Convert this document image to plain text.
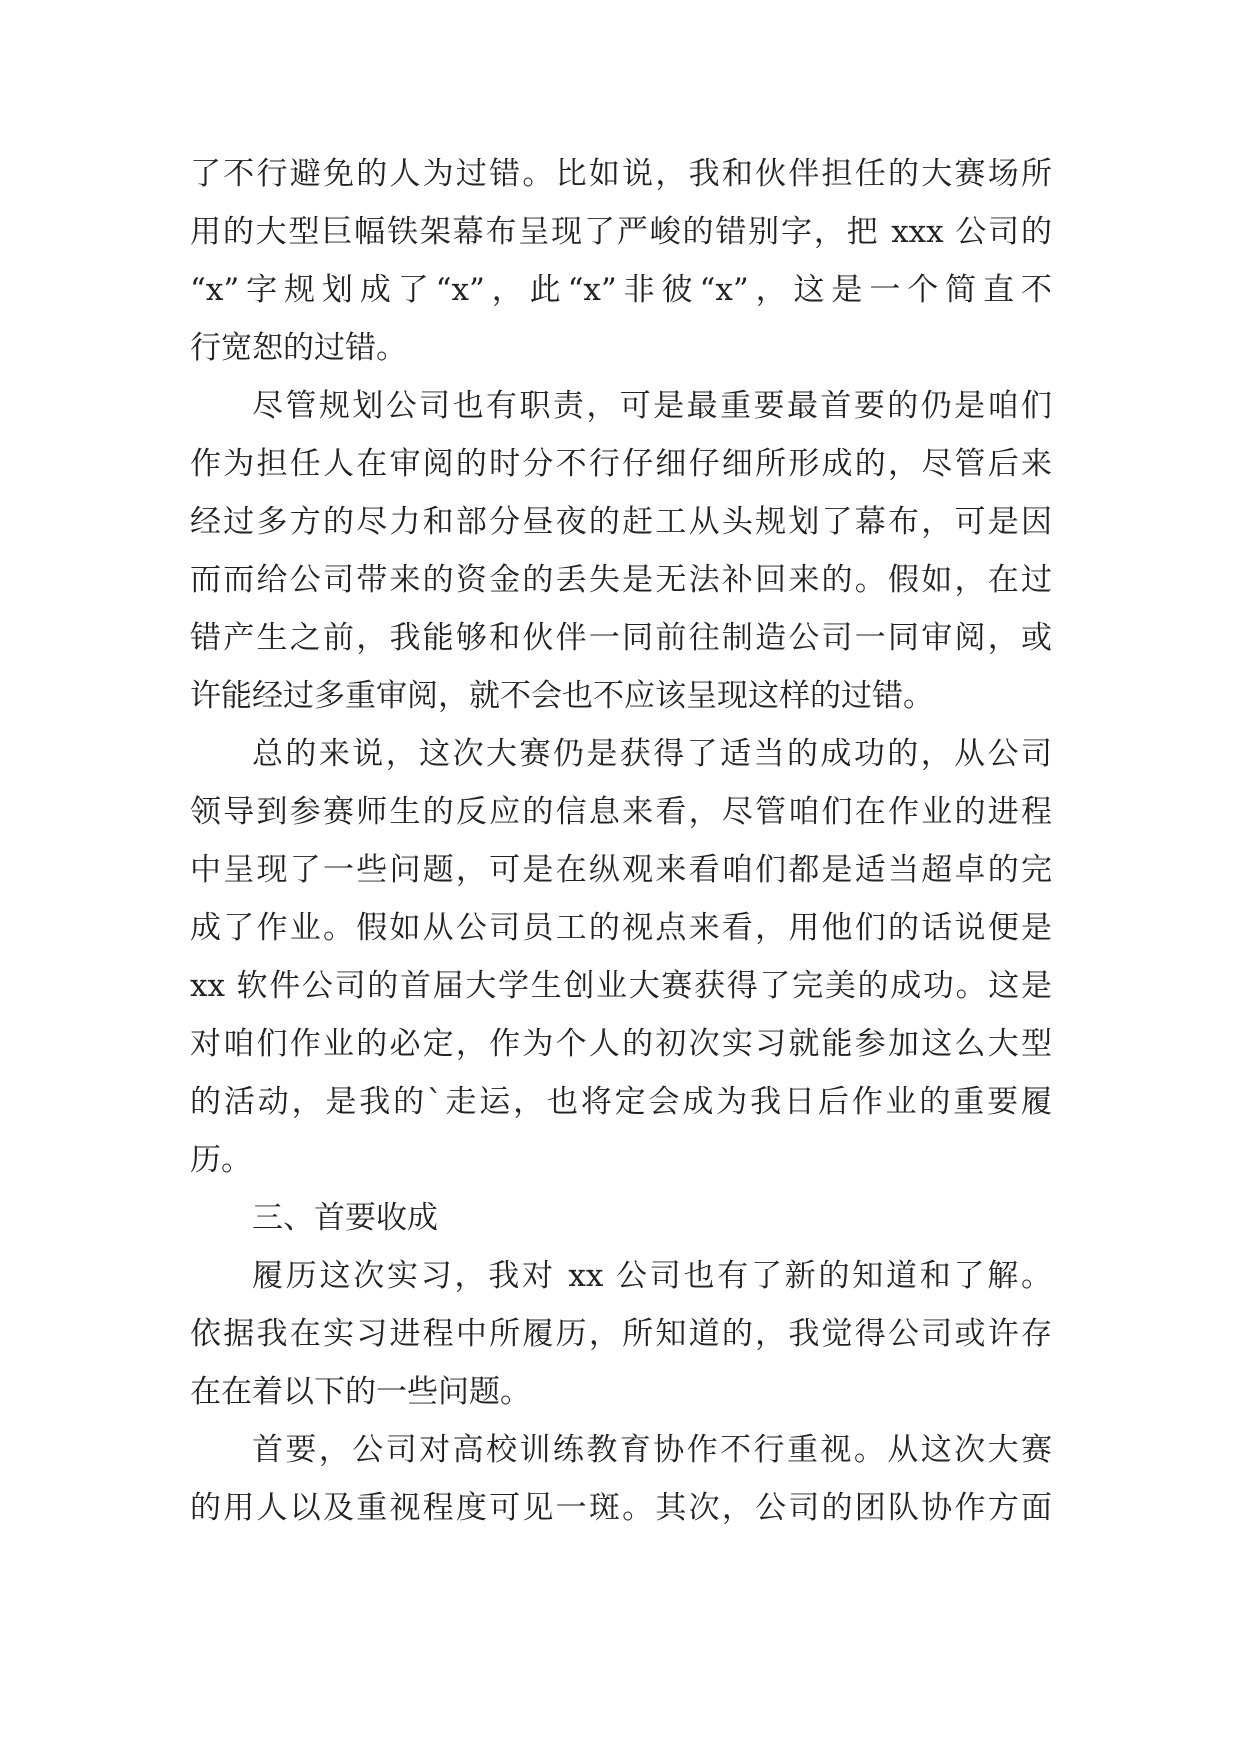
了不行避免的人为过错。比如说，我和伙伴担任的大赛场所
用的大型巨幅铁架幕布呈现了严峻的错别字，把 xxx 公司的
“x”字规划成了“x”，此“x”非彼“x”，这是一个简直不
行宽恕的过错。
尽管规划公司也有职责，可是最重要最首要的仍是咱们
作为担任人在审阅的时分不行仔细仔细所形成的，尽管后来
经过多方的尽力和部分昼夜的赶工从头规划了幕布，可是因
而而给公司带来的资金的丢失是无法补回来的。假如，在过
错产生之前，我能够和伙伴一同前往制造公司一同审阅，或
许能经过多重审阅，就不会也不应该呈现这样的过错。
总的来说，这次大赛仍是获得了适当的成功的，从公司
领导到参赛师生的反应的信息来看，尽管咱们在作业的进程
中呈现了一些问题，可是在纵观来看咱们都是适当超卓的完
成了作业。假如从公司员工的视点来看，用他们的话说便是
xx 软件公司的首届大学生创业大赛获得了完美的成功。这是
对咱们作业的必定，作为个人的初次实习就能参加这么大型
的活动，是我的`走运，也将定会成为我日后作业的重要履
历。
三、首要收成
履历这次实习，我对 xx 公司也有了新的知道和了解。
依据我在实习进程中所履历，所知道的，我觉得公司或许存
在在着以下的一些问题。
首要，公司对高校训练教育协作不行重视。从这次大赛
的用人以及重视程度可见一斑。其次，公司的团队协作方面
